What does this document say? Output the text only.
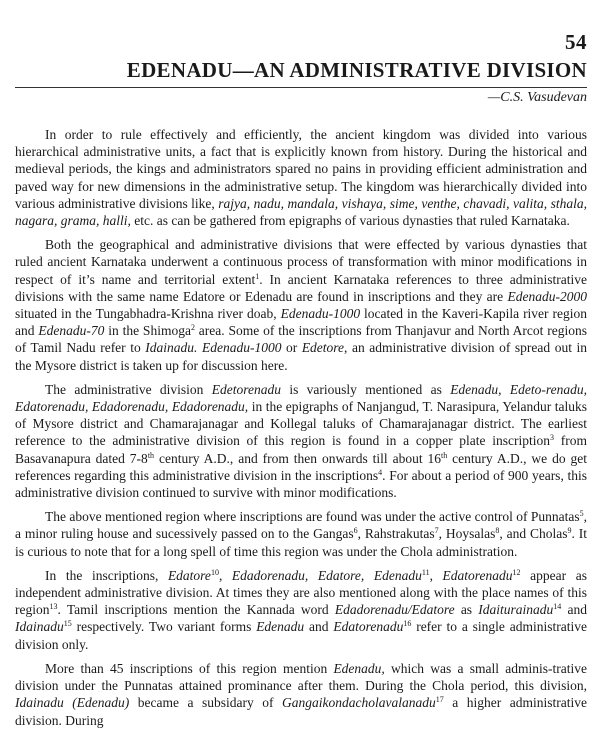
54
EDENADU—AN ADMINISTRATIVE DIVISION
—C.S. Vasudevan

In order to rule effectively and efficiently, the ancient kingdom was divided into various hierarchical administrative units, a fact that is explicitly known from history. During the historical and medieval periods, the kings and administrators spared no pains in providing efficient administration and paved way for new dimensions in the administrative setup. The kingdom was hierarchically divided into various administrative divisions like, rajya, nadu, mandala, vishaya, sime, venthe, chavadi, valita, sthala, nagara, grama, halli, etc. as can be gathered from epigraphs of various dynasties that ruled Karnataka.

Both the geographical and administrative divisions that were effected by various dynasties that ruled ancient Karnataka underwent a continuous process of transformation with minor modifications in respect of it’s name and territorial extent$^1$. In ancient Karnataka references to three administrative divisions with the same name Edatore or Edenadu are found in inscriptions and they are Edenadu-2000 situated in the Tungabhadra-Krishna river doab, Edenadu-1000 located in the Kaveri-Kapila river region and Edenadu-70 in the Shimoga$^2$ area. Some of the inscriptions from Thanjavur and North Arcot regions of Tamil Nadu refer to Idainadu. Edenadu-1000 or Edetore, an administrative division of spread out in the Mysore district is taken up for discussion here.

The administrative division Edetorenadu is variously mentioned as Edenadu, Edeto-renadu, Edatorenadu, Edadorenadu, Edadorenadu, in the epigraphs of Nanjangud, T. Narasipura, Yelandur taluks of Mysore district and Chamarajanagar and Kollegal taluks of Chamarajanagar district. The earliest reference to the administrative division of this region is found in a copper plate inscription$^3$ from Basavanapura dated 7-8th century A.D., and from then onwards till about 16th century A.D., we do get references regarding this administrative division in the inscriptions$^4$. For about a period of 900 years, this administrative division continued to survive with minor modifications.

The above mentioned region where inscriptions are found was under the active control of Punnatas$^5$, a minor ruling house and sucessively passed on to the Gangas$^6$, Rahstrakutas$^7$, Hoysalas$^8$, and Cholas$^9$. It is curious to note that for a long spell of time this region was under the Chola administration.

In the inscriptions, Edatore$^{10}$, Edadorenadu, Edatore, Edenadu$^{11}$, Edatorenadu$^{12}$ appear as independent administrative division. At times they are also mentioned along with the place names of this region$^{13}$. Tamil inscriptions mention the Kannada word Edadorenadu/Edatore as Idaiturainadu$^{14}$ and Idainadu$^{15}$ respectively. Two variant forms Edenadu and Edatorenadu$^{16}$ refer to a single administrative division only.

More than 45 inscriptions of this region mention Edenadu, which was a small adminis-trative division under the Punnatas attained prominance after them. During the Chola period, this division, Idainadu (Edenadu) became a subsidary of Gangaikondacholavalanadu$^{17}$ a higher administrative division. During
